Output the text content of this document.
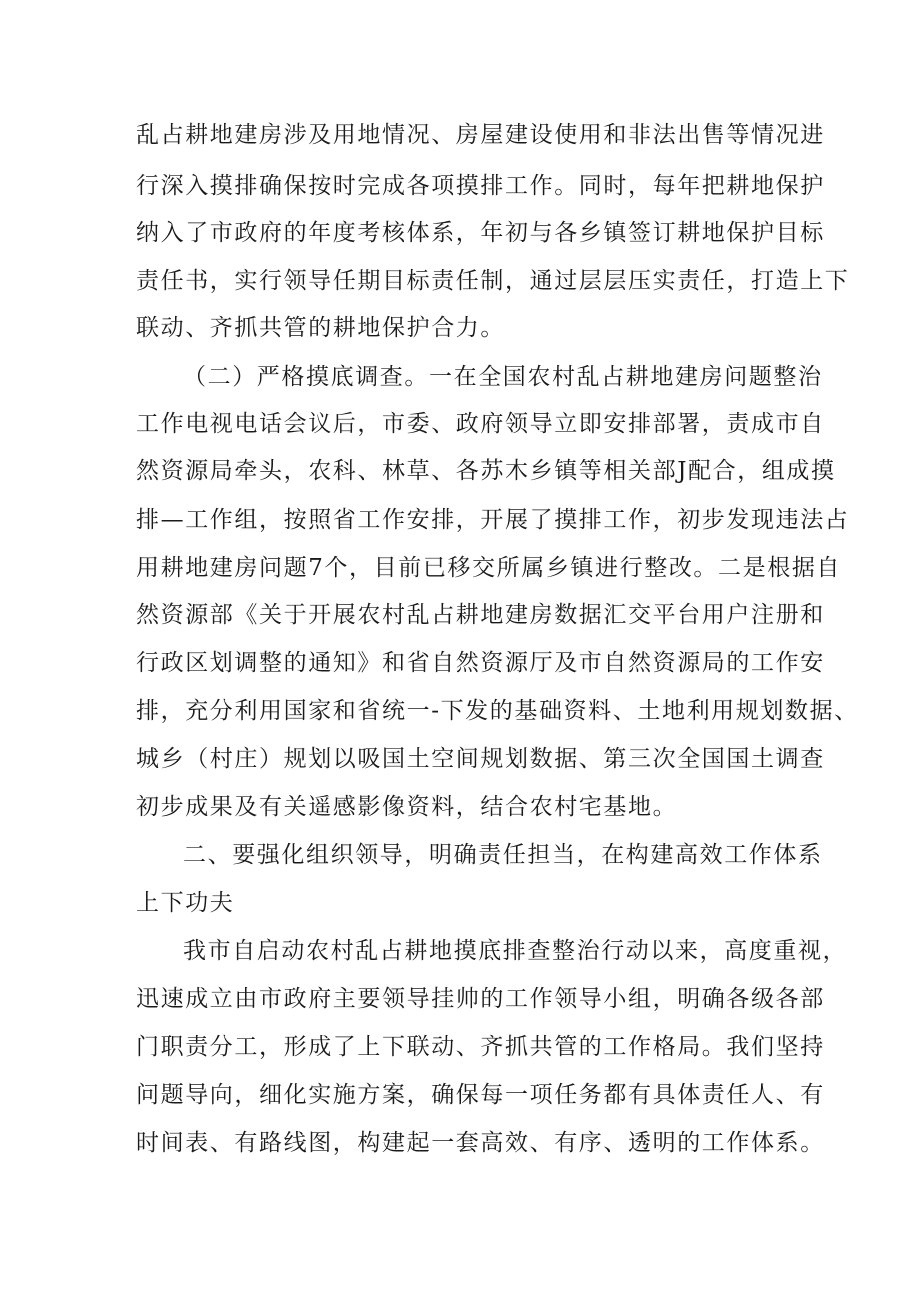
乱占耕地建房涉及用地情况、房屋建设使用和非法出售等情况进
行深入摸排确保按时完成各项摸排工作。同时，每年把耕地保护
纳入了市政府的年度考核体系，年初与各乡镇签订耕地保护目标
责任书，实行领导任期目标责任制，通过层层压实责任，打造上下
联动、齐抓共管的耕地保护合力。
（二）严格摸底调查。一在全国农村乱占耕地建房问题整治
工作电视电话会议后，市委、政府领导立即安排部署，责成市自
然资源局牵头，农科、林草、各苏木乡镇等相关部J配合，组成摸
排—工作组，按照省工作安排，开展了摸排工作，初步发现违法占
用耕地建房问题7个，目前已移交所属乡镇进行整改。二是根据自
然资源部《关于开展农村乱占耕地建房数据汇交平台用户注册和
行政区划调整的通知》和省自然资源厅及市自然资源局的工作安
排，充分利用国家和省统一-下发的基础资料、土地利用规划数据、
城乡（村庄）规划以吸国土空间规划数据、第三次全国国土调查
初步成果及有关遥感影像资料，结合农村宅基地。
二、要强化组织领导，明确责任担当，在构建高效工作体系
上下功夫
我市自启动农村乱占耕地摸底排查整治行动以来，高度重视，
迅速成立由市政府主要领导挂帅的工作领导小组，明确各级各部
门职责分工，形成了上下联动、齐抓共管的工作格局。我们坚持
问题导向，细化实施方案，确保每一项任务都有具体责任人、有
时间表、有路线图，构建起一套高效、有序、透明的工作体系。
